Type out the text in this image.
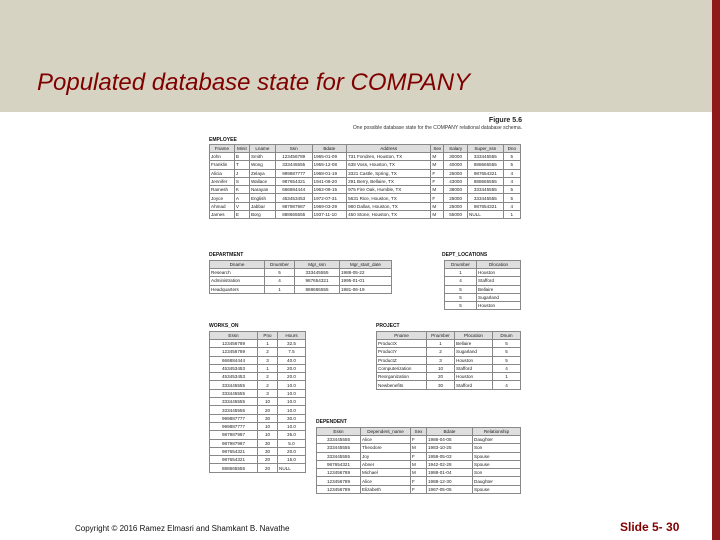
Populated database state for COMPANY
Figure 5.6
One possible database state for the COMPANY relational database schema.
EMPLOYEE
Fname	Minit	Lname	Ssn	Bdate	Address	Sex	Salary	Super_ssn	Dno
John	B	Smith	123456789	1965-01-09	731 Fondren, Houston, TX	M	30000	333445555	5
Franklin	T	Wong	333445555	1955-12-08	638 Voss, Houston, TX	M	40000	888665555	5
Alicia	J	Zelaya	999887777	1968-01-19	3321 Castle, Spring, TX	F	25000	987654321	4
Jennifer	S	Wallace	987654321	1941-06-20	291 Berry, Bellaire, TX	F	43000	888665555	4
Ramesh	K	Narayan	666884444	1962-09-15	975 Fire Oak, Humble, TX	M	38000	333445555	5
Joyce	A	English	453453453	1972-07-31	5631 Rice, Houston, TX	F	25000	333445555	5
Ahmad	V	Jabbar	987987987	1969-03-29	980 Dallas, Houston, TX	M	25000	987654321	4
James	E	Borg	888665555	1937-11-10	450 Stone, Houston, TX	M	55000	NULL	1
DEPARTMENT
Dname	Dnumber	Mgr_ssn	Mgr_start_date
Research	5	333445555	1988-05-22
Administration	4	987654321	1995-01-01
Headquarters	1	888665555	1981-06-19
DEPT_LOCATIONS
Dnumber	Dlocation
1	Houston
4	Stafford
5	Bellaire
5	Sugarland
5	Houston
WORKS_ON
Essn	Pno	Hours
123456789	1	32.5
123456789	2	7.5
666884444	3	40.0
453453453	1	20.0
453453453	2	20.0
333445555	2	10.0
333445555	3	10.0
333445555	10	10.0
333445555	20	10.0
999887777	30	30.0
999887777	10	10.0
987987987	10	35.0
987987987	30	5.0
987654321	30	20.0
987654321	20	15.0
888665555	20	NULL
PROJECT
Pname	Pnumber	Plocation	Dnum
ProductX	1	Bellaire	5
ProductY	2	Sugarland	5
ProductZ	3	Houston	5
Computerization	10	Stafford	4
Reorganization	20	Houston	1
Newbenefits	30	Stafford	4
DEPENDENT
Essn	Dependent_name	Sex	Bdate	Relationship
333445555	Alice	F	1986-04-05	Daughter
333445555	Theodore	M	1983-10-25	Son
333445555	Joy	F	1958-05-03	Spouse
987654321	Abner	M	1942-02-28	Spouse
123456789	Michael	M	1988-01-04	Son
123456789	Alice	F	1988-12-30	Daughter
123456789	Elizabeth	F	1967-05-05	Spouse
Copyright © 2016 Ramez Elmasri and Shamkant B. Navathe	Slide 5- 30
